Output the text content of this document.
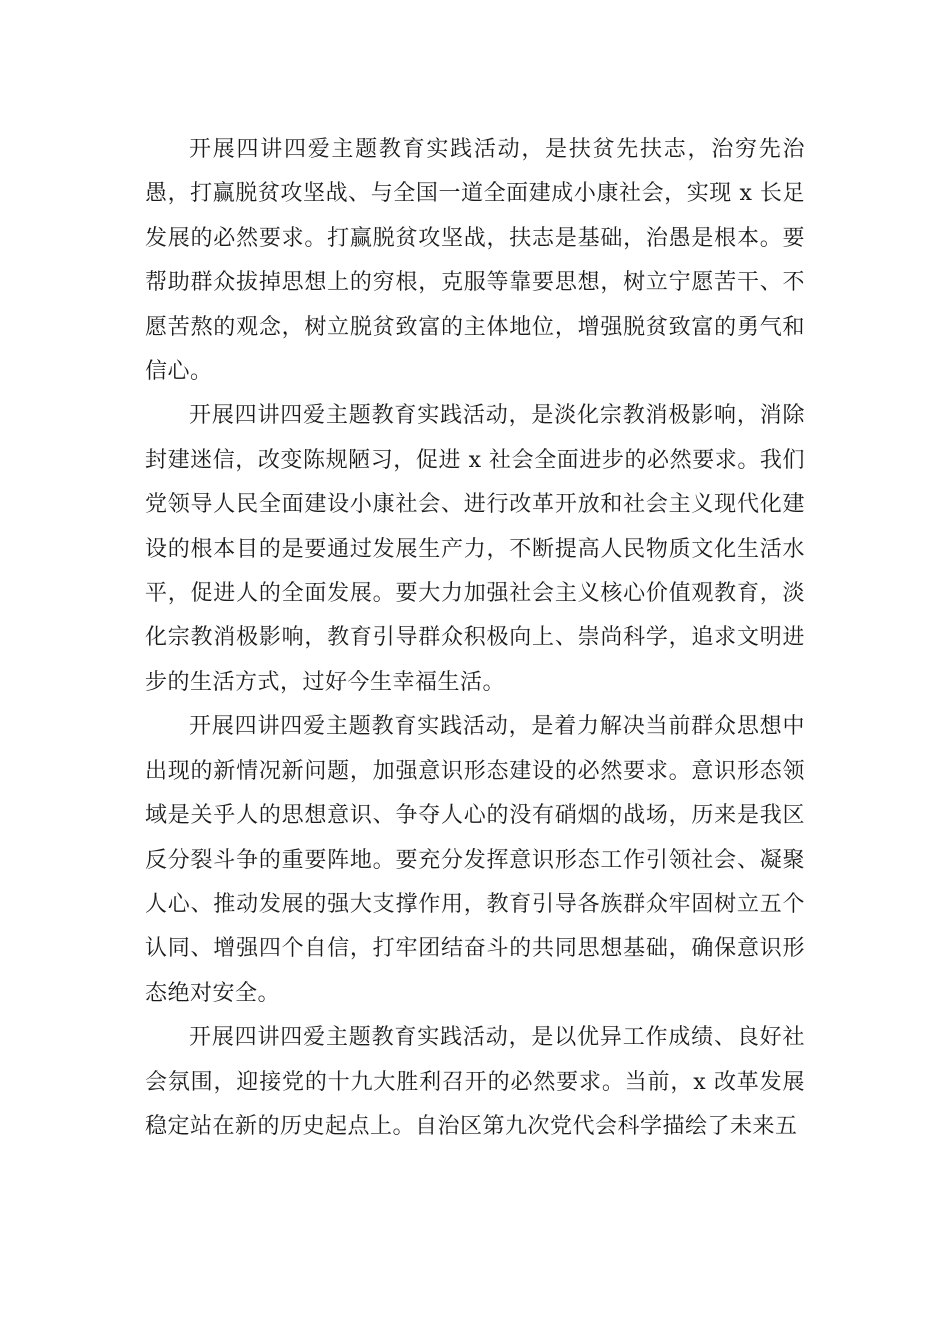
开展四讲四爱主题教育实践活动，是扶贫先扶志，治穷先治愚，打赢脱贫攻坚战、与全国一道全面建成小康社会，实现 x 长足发展的必然要求。打赢脱贫攻坚战，扶志是基础，治愚是根本。要帮助群众拔掉思想上的穷根，克服等靠要思想，树立宁愿苦干、不愿苦熬的观念，树立脱贫致富的主体地位，增强脱贫致富的勇气和信心。

开展四讲四爱主题教育实践活动，是淡化宗教消极影响，消除封建迷信，改变陈规陋习，促进 x 社会全面进步的必然要求。我们党领导人民全面建设小康社会、进行改革开放和社会主义现代化建设的根本目的是要通过发展生产力，不断提高人民物质文化生活水平，促进人的全面发展。要大力加强社会主义核心价值观教育，淡化宗教消极影响，教育引导群众积极向上、崇尚科学，追求文明进步的生活方式，过好今生幸福生活。

开展四讲四爱主题教育实践活动，是着力解决当前群众思想中出现的新情况新问题，加强意识形态建设的必然要求。意识形态领域是关乎人的思想意识、争夺人心的没有硝烟的战场，历来是我区反分裂斗争的重要阵地。要充分发挥意识形态工作引领社会、凝聚人心、推动发展的强大支撑作用，教育引导各族群众牢固树立五个认同、增强四个自信，打牢团结奋斗的共同思想基础，确保意识形态绝对安全。

开展四讲四爱主题教育实践活动，是以优异工作成绩、良好社会氛围，迎接党的十九大胜利召开的必然要求。当前，x 改革发展稳定站在新的历史起点上。自治区第九次党代会科学描绘了未来五
